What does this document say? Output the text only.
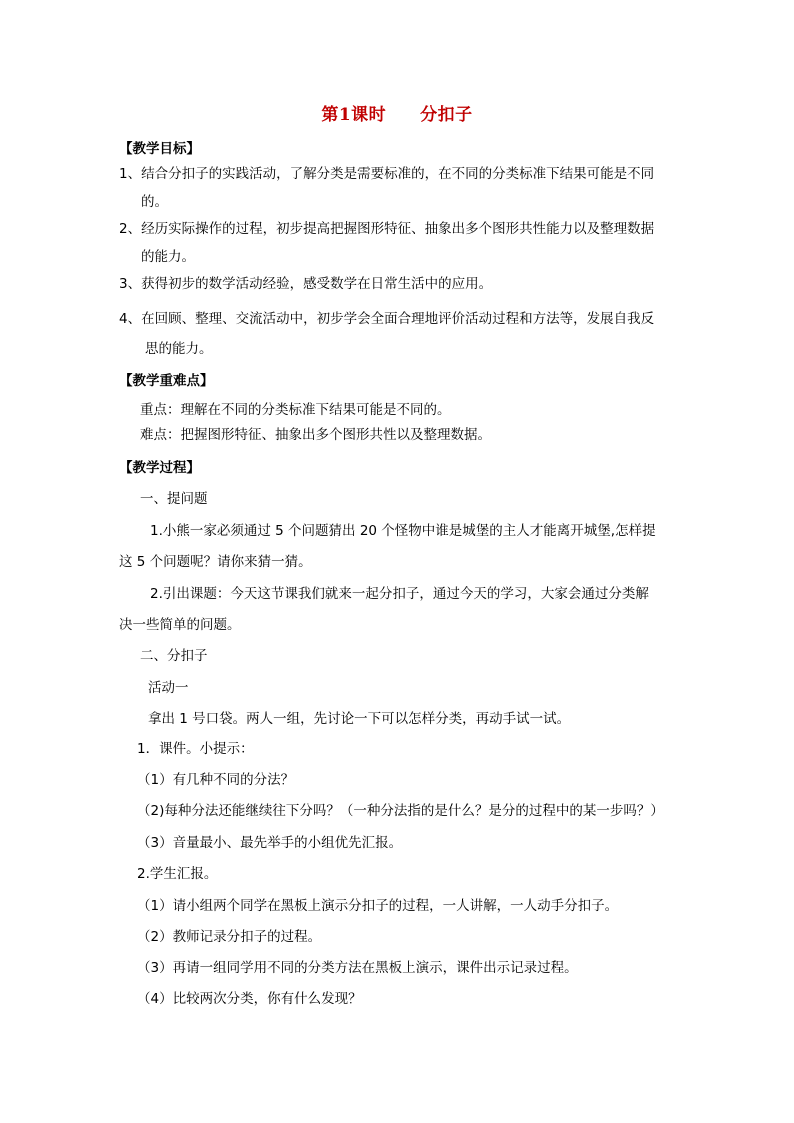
第1课时 分扣子
【教学目标】
1、结合分扣子的实践活动，了解分类是需要标准的，在不同的分类标准下结果可能是不同
的。
2、经历实际操作的过程，初步提高把握图形特征、抽象出多个图形共性能力以及整理数据
的能力。
3、获得初步的数学活动经验，感受数学在日常生活中的应用。
4、在回顾、整理、交流活动中，初步学会全面合理地评价活动过程和方法等，发展自我反
思的能力。
【教学重难点】
重点：理解在不同的分类标准下结果可能是不同的。
难点：把握图形特征、抽象出多个图形共性以及整理数据。
【教学过程】
一、提问题
1.小熊一家必须通过 5 个问题猜出 20 个怪物中谁是城堡的主人才能离开城堡,怎样提
这 5 个问题呢？请你来猜一猜。
2.引出课题：今天这节课我们就来一起分扣子，通过今天的学习，大家会通过分类解
决一些简单的问题。
二、分扣子
活动一
拿出 1 号口袋。两人一组，先讨论一下可以怎样分类，再动手试一试。
1．课件。小提示：
（1）有几种不同的分法？
（2)每种分法还能继续往下分吗？（一种分法指的是什么？是分的过程中的某一步吗？）
（3）音量最小、最先举手的小组优先汇报。
2.学生汇报。
（1）请小组两个同学在黑板上演示分扣子的过程，一人讲解，一人动手分扣子。
（2）教师记录分扣子的过程。
（3）再请一组同学用不同的分类方法在黑板上演示，课件出示记录过程。
（4）比较两次分类，你有什么发现？
